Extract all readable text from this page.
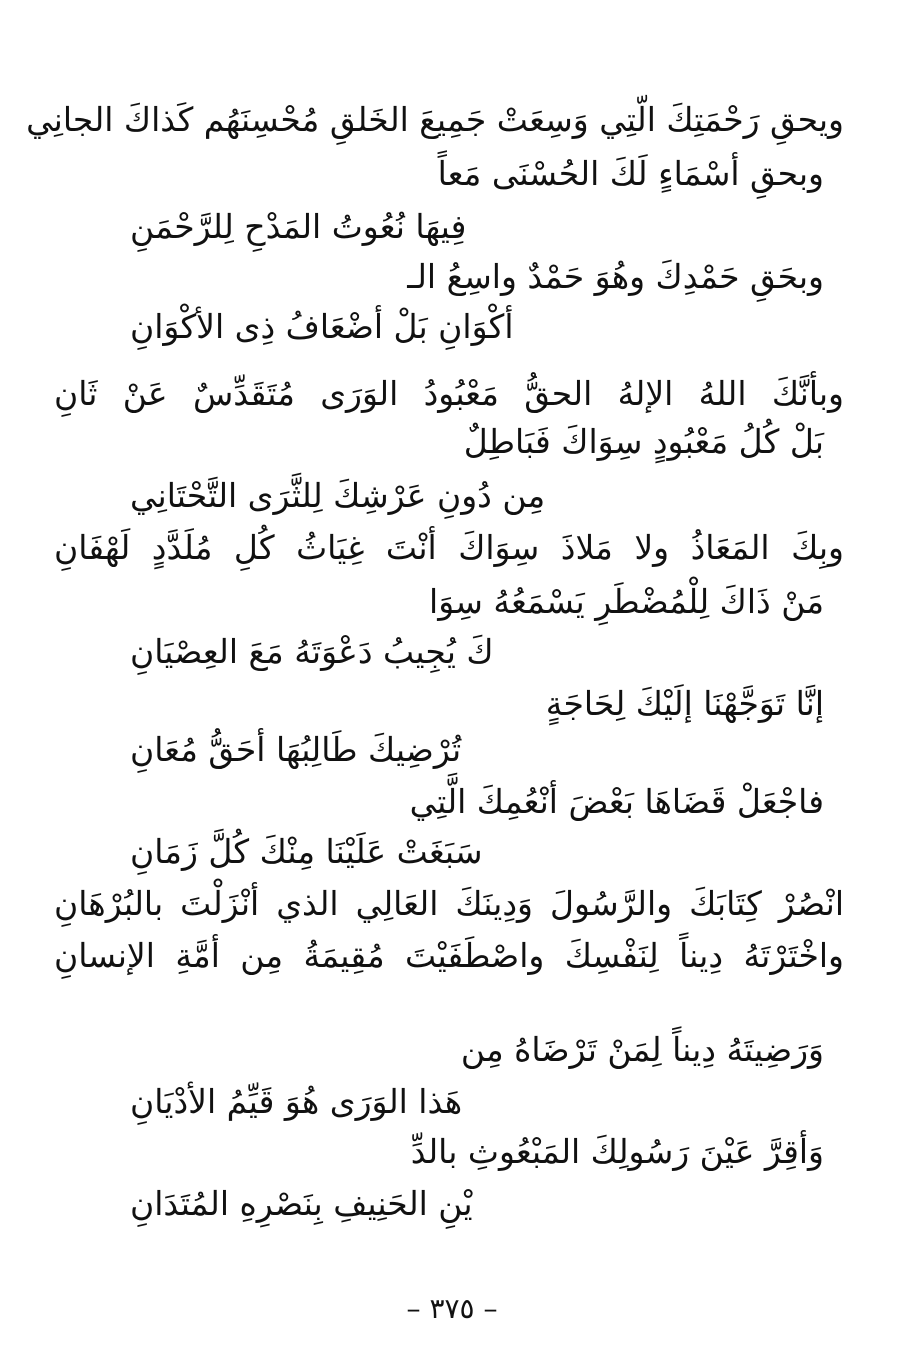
ويحقِ رَحْمَتِكَ الّتِي وَسِعَتْ جَمِيعَ الخَلقِ مُحْسِنَهُم كَذاكَ الجانِي
وبحقِ أسْمَاءٍ لَكَ الحُسْنَى مَعاً
فِيهَا نُعُوتُ المَدْحِ لِلرَّحْمَنِ
وبحَقِ حَمْدِكَ وهُوَ حَمْدٌ واسِعُ الـ
أكْوَانِ بَلْ أضْعَافُ ذِى الأكْوَانِ
وبأنَّكَ اللهُ الإلهُ الحقُّ مَعْبُودُ الوَرَى مُتَقَدِّسٌ عَنْ ثَانِ
بَلْ كُلُ مَعْبُودٍ سِوَاكَ فَبَاطِلٌ
مِن دُونِ عَرْشِكَ لِلثَّرَى التَّحْتَانِي
وبِكَ المَعَاذُ ولا مَلاذَ سِوَاكَ أنْتَ غِيَاثُ كُلِ مُلَدَّدٍ لَهْفَانِ
مَنْ ذَاكَ لِلْمُضْطَرِ يَسْمَعُهُ سِوَا
كَ يُجِيبُ دَعْوَتَهُ مَعَ العِصْيَانِ
إنَّا تَوَجَّهْنَا إلَيْكَ لِحَاجَةٍ
تُرْضِيكَ طَالِبُهَا أحَقُّ مُعَانِ
فاجْعَلْ قَضَاهَا بَعْضَ أنْعُمِكَ الَّتِي
سَبَغَتْ عَلَيْنَا مِنْكَ كُلَّ زَمَانِ
انْصُرْ كِتَابَكَ والرَّسُولَ وَدِينَكَ العَالِي الذي أنْزَلْتَ بالبُرْهَانِ
واخْتَرْتَهُ دِيناً لِنَفْسِكَ واصْطَفَيْتَ مُقِيمَةُ مِن أمَّةِ الإنسانِ
وَرَضِيتَهُ دِيناً لِمَنْ تَرْضَاهُ مِن
هَذا الوَرَى هُوَ قَيِّمُ الأدْيَانِ
وَأقِرَّ عَيْنَ رَسُولِكَ المَبْعُوثِ بالدِّ
يْنِ الحَنِيفِ بِنَصْرِهِ المُتَدَانِ
– ٣٧٥ –
